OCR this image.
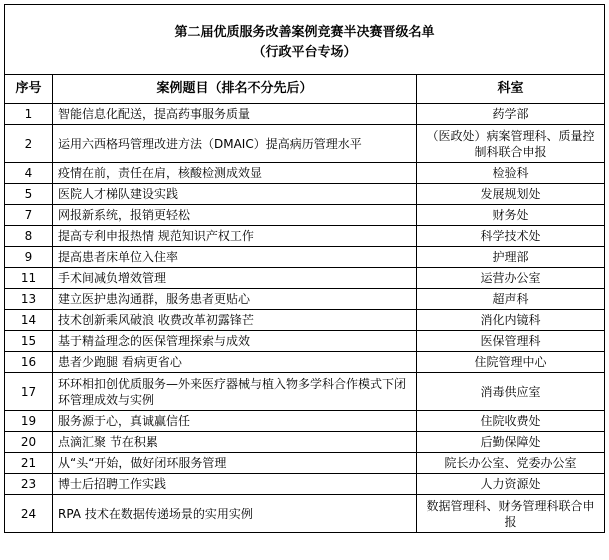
第二届优质服务改善案例竞赛半决赛晋级名单
（行政平台专场）		

序号	案例题目（排名不分先后）	科室
1	智能信息化配送，提高药事服务质量	药学部
2	运用六西格玛管理改进方法（DMAIC）提高病历管理水平	（医政处）病案管理科、质量控制科联合申报
4	疫情在前，责任在肩，核酸检测成效显	检验科
5	医院人才梯队建设实践	发展规划处
7	网报新系统，报销更轻松	财务处
8	提高专利申报热情 规范知识产权工作	科学技术处
9	提高患者床单位入住率	护理部
11	手术间减负增效管理	运营办公室
13	建立医护患沟通群，服务患者更贴心	超声科
14	技术创新乘风破浪 收费改革初露锋芒	消化内镜科
15	基于精益理念的医保管理探索与成效	医保管理科
16	患者少跑腿 看病更省心	住院管理中心
17	环环相扣创优质服务—外来医疗器械与植入物多学科合作模式下闭环管理成效与实例	消毒供应室
19	服务源于心，真诚赢信任	住院收费处
20	点滴汇聚 节在积累	后勤保障处
21	从“头“开始，做好闭环服务管理	院长办公室、党委办公室
23	博士后招聘工作实践	人力资源处
24	RPA 技术在数据传递场景的实用实例	数据管理科、财务管理科联合申报
